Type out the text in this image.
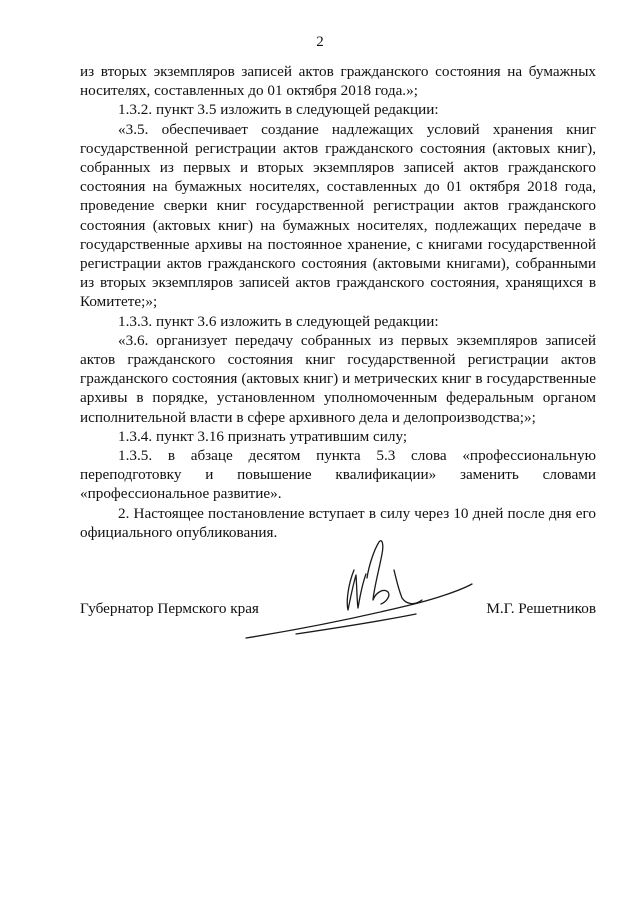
2

из вторых экземпляров записей актов гражданского состояния на бумажных носителях, составленных до 01 октября 2018 года.»;

1.3.2. пункт 3.5 изложить в следующей редакции:

«3.5. обеспечивает создание надлежащих условий хранения книг государственной регистрации актов гражданского состояния (актовых книг), собранных из первых и вторых экземпляров записей актов гражданского состояния на бумажных носителях, составленных до 01 октября 2018 года, проведение сверки книг государственной регистрации актов гражданского состояния (актовых книг) на бумажных носителях, подлежащих передаче в государственные архивы на постоянное хранение, с книгами государственной регистрации актов гражданского состояния (актовыми книгами), собранными из вторых экземпляров записей актов гражданского состояния, хранящихся в Комитете;»;

1.3.3. пункт 3.6 изложить в следующей редакции:

«3.6. организует передачу собранных из первых экземпляров записей актов гражданского состояния книг государственной регистрации актов гражданского состояния (актовых книг) и метрических книг в государственные архивы в порядке, установленном уполномоченным федеральным органом исполнительной власти в сфере архивного дела и делопроизводства;»;

1.3.4. пункт 3.16 признать утратившим силу;

1.3.5. в абзаце десятом пункта 5.3 слова «профессиональную переподготовку и повышение квалификации» заменить словами «профессиональное развитие».

2. Настоящее постановление вступает в силу через 10 дней после дня его официального опубликования.

Губернатор Пермского края	М.Г. Решетников
